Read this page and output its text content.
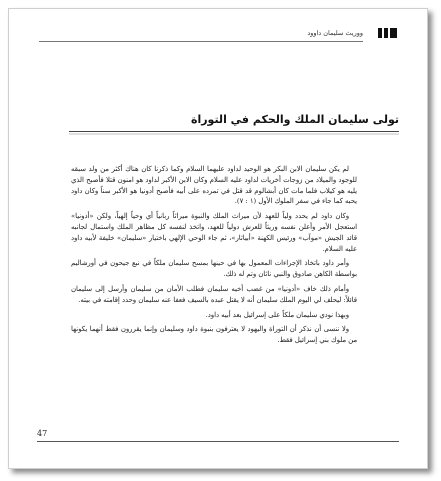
ووريث سليمان داوود
تولى سليمان الملك والحكم في التوراة

لم يكن سليمان الابن البكر هو الوحيد لداود عليهما السلام وكما ذكرنا كان هناك أكثر من ولد سبقه للوجود والميلاد من زوجات أخريات لداود عليه السلام وكان الابن الأكبر لداود هو امنون قتلا فأصبح الذي يليه هو كيلاب فلما مات كان أبشالوم قد قتل في تمرده على أبيه فأصبح أدونيا هو الأكبر سناً وكان داود يحبه كما جاء في سفر الملوك الأول (١ : ٧).

وكان داود لم يحدد ولياً للعهد لأن ميراث الملك والنبوة ميراثاً ربانياً أي وحياً إلهياً، ولكن «أدونيا» استعجل الأمر وأعلن نفسه وريثاً للعرش دولياً للعهد، واتخذ لنفسه كل مظاهر الملك واستمال لجانبه قائد الجيش «موآب» ورئيس الكهنة «أبياثار»، ثم جاء الوحي الإلهي باختيار «سليمان» خليفة لأبيه داود عليه السلام.

وأمر داود باتخاذ الإجراءات المعمول بها في حينها بمسح سليمان ملكاً في نبع جيحون في أورشاليم بواسطة الكاهن صادوق والنبي ناثان وتم له ذلك.

وأمام ذلك خاف «أدونيا» من غضب أخيه سليمان فطلب الأمان من سليمان وأرسل إلى سليمان قائلاً: ليحلف لي اليوم الملك سليمان أنه لا يقتل عبده بالسيف فعفا عنه سليمان وحدد إقامته في بيته.

وبهذا نودي سليمان ملكاً على إسرائيل بعد أبيه داود.

ولا ننسى أن نذكر أن التوراة واليهود لا يعترفون بنبوة داود وسليمان وإنما يقررون فقط أنهما يكونها من ملوك بني إسرائيل فقط.

47
